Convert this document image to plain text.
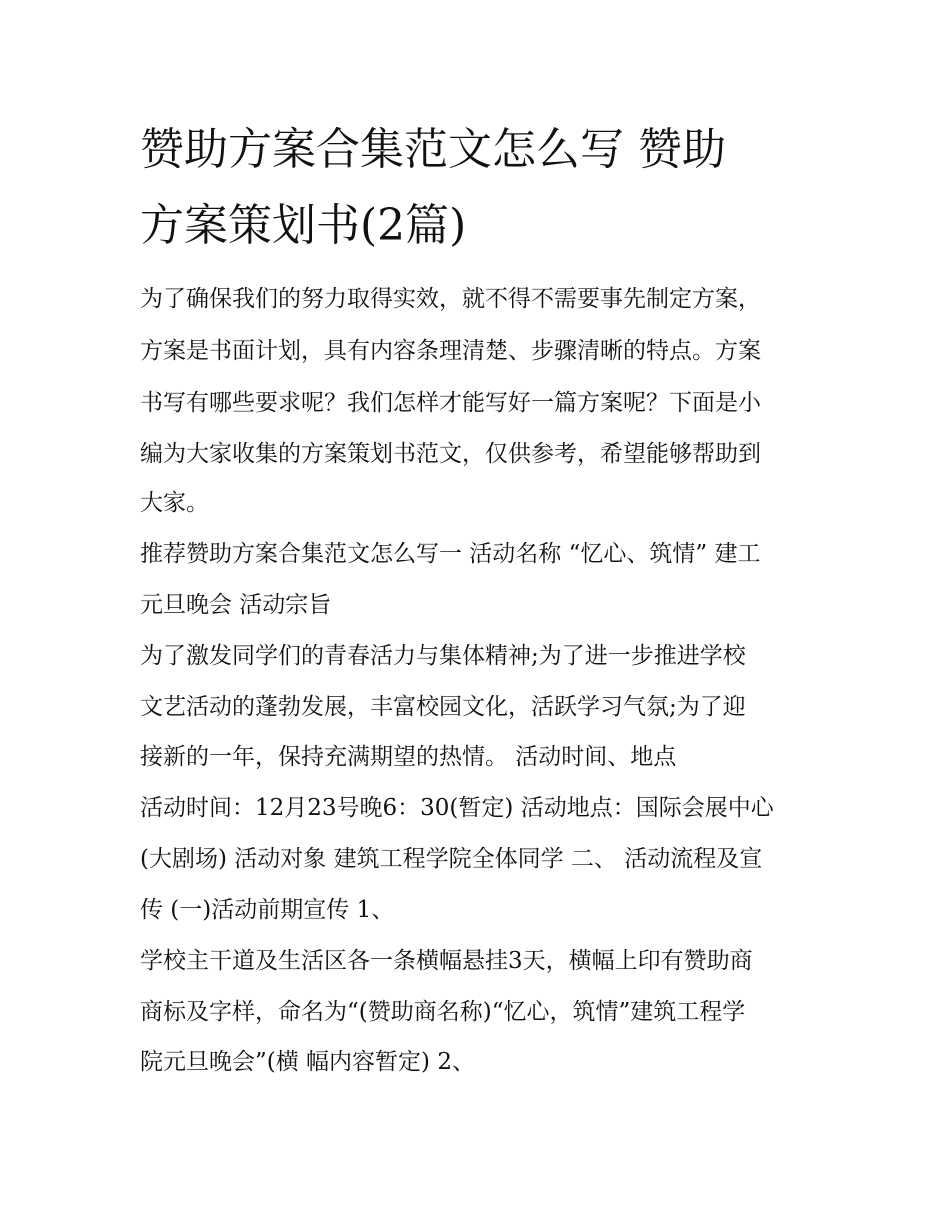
赞助方案合集范文怎么写 赞助
方案策划书(2篇)

为了确保我们的努力取得实效，就不得不需要事先制定方案，

方案是书面计划，具有内容条理清楚、步骤清晰的特点。方案

书写有哪些要求呢？我们怎样才能写好一篇方案呢？下面是小

编为大家收集的方案策划书范文，仅供参考，希望能够帮助到

大家。

推荐赞助方案合集范文怎么写一 活动名称 “忆心、筑情” 建工

元旦晚会 活动宗旨

为了激发同学们的青春活力与集体精神;为了进一步推进学校

文艺活动的蓬勃发展，丰富校园文化，活跃学习气氛;为了迎

接新的一年，保持充满期望的热情。 活动时间、地点

活动时间：12月23号晚6：30(暂定) 活动地点：国际会展中心

(大剧场) 活动对象 建筑工程学院全体同学 二、 活动流程及宣

传 (一)活动前期宣传 1、

学校主干道及生活区各一条横幅悬挂3天，横幅上印有赞助商

商标及字样，命名为“(赞助商名称)“忆心，筑情”建筑工程学

院元旦晚会”(横 幅内容暂定) 2、
